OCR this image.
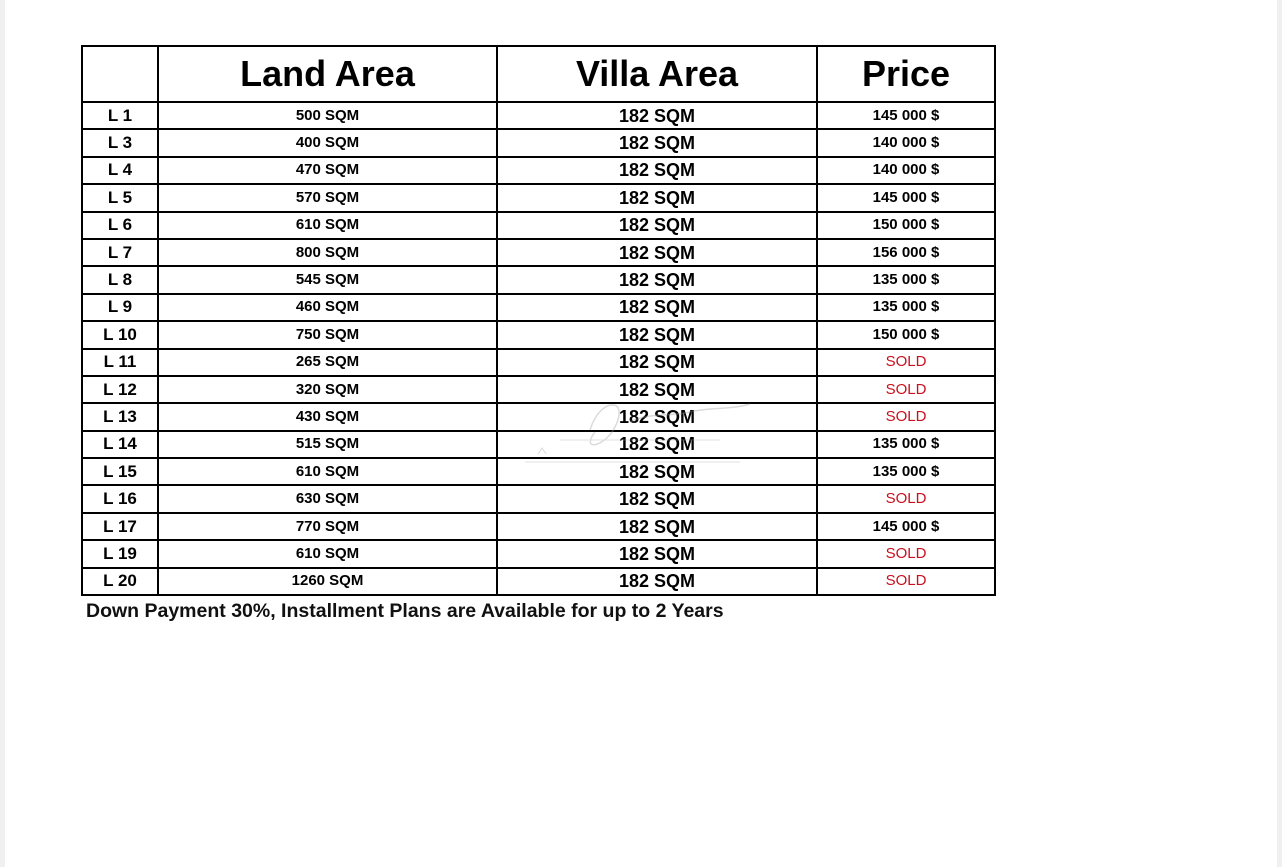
	Land Area	Villa Area	Price
L 1	500 SQM	182 SQM	145 000 $
L 3	400 SQM	182 SQM	140 000 $
L 4	470 SQM	182 SQM	140 000 $
L 5	570 SQM	182 SQM	145 000 $
L 6	610 SQM	182 SQM	150 000 $
L 7	800 SQM	182 SQM	156 000 $
L 8	545 SQM	182 SQM	135 000 $
L 9	460 SQM	182 SQM	135 000 $
L 10	750 SQM	182 SQM	150 000 $
L 11	265 SQM	182 SQM	SOLD
L 12	320 SQM	182 SQM	SOLD
L 13	430 SQM	182 SQM	SOLD
L 14	515 SQM	182 SQM	135 000 $
L 15	610 SQM	182 SQM	135 000 $
L 16	630 SQM	182 SQM	SOLD
L 17	770 SQM	182 SQM	145 000 $
L 19	610 SQM	182 SQM	SOLD
L 20	1260 SQM	182 SQM	SOLD
Down Payment 30%, Installment Plans are Available for up to 2 Years
